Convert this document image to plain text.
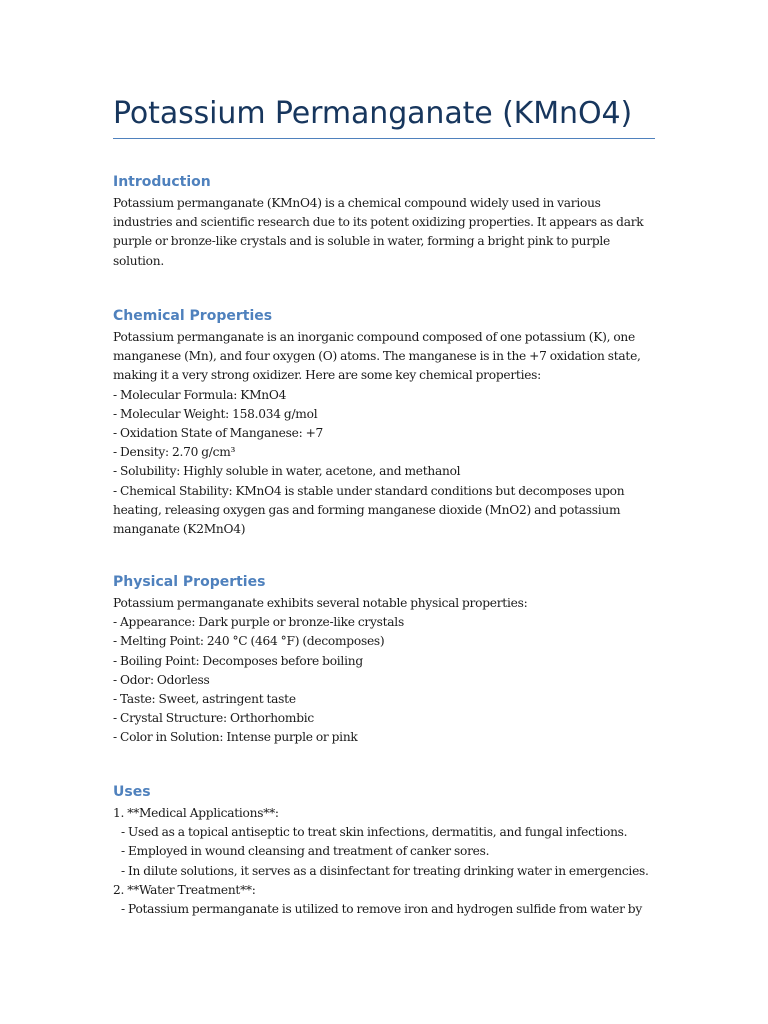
Potassium Permanganate (KMnO4)
Introduction

Potassium permanganate (KMnO4) is a chemical compound widely used in various industries and scientific research due to its potent oxidizing properties. It appears as dark purple or bronze-like crystals and is soluble in water, forming a bright pink to purple solution.

Chemical Properties

Potassium permanganate is an inorganic compound composed of one potassium (K), one manganese (Mn), and four oxygen (O) atoms. The manganese is in the +7 oxidation state, making it a very strong oxidizer. Here are some key chemical properties:

- Molecular Formula: KMnO4
- Molecular Weight: 158.034 g/mol
- Oxidation State of Manganese: +7
- Density: 2.70 g/cm³
- Solubility: Highly soluble in water, acetone, and methanol
- Chemical Stability: KMnO4 is stable under standard conditions but decomposes upon heating, releasing oxygen gas and forming manganese dioxide (MnO2) and potassium manganate (K2MnO4)
Physical Properties

Potassium permanganate exhibits several notable physical properties:

- Appearance: Dark purple or bronze-like crystals
- Melting Point: 240 °C (464 °F) (decomposes)
- Boiling Point: Decomposes before boiling
- Odor: Odorless
- Taste: Sweet, astringent taste
- Crystal Structure: Orthorhombic
- Color in Solution: Intense purple or pink
Uses
1. **Medical Applications**:
- Used as a topical antiseptic to treat skin infections, dermatitis, and fungal infections.
- Employed in wound cleansing and treatment of canker sores.
- In dilute solutions, it serves as a disinfectant for treating drinking water in emergencies.
2. **Water Treatment**:
- Potassium permanganate is utilized to remove iron and hydrogen sulfide from water by
